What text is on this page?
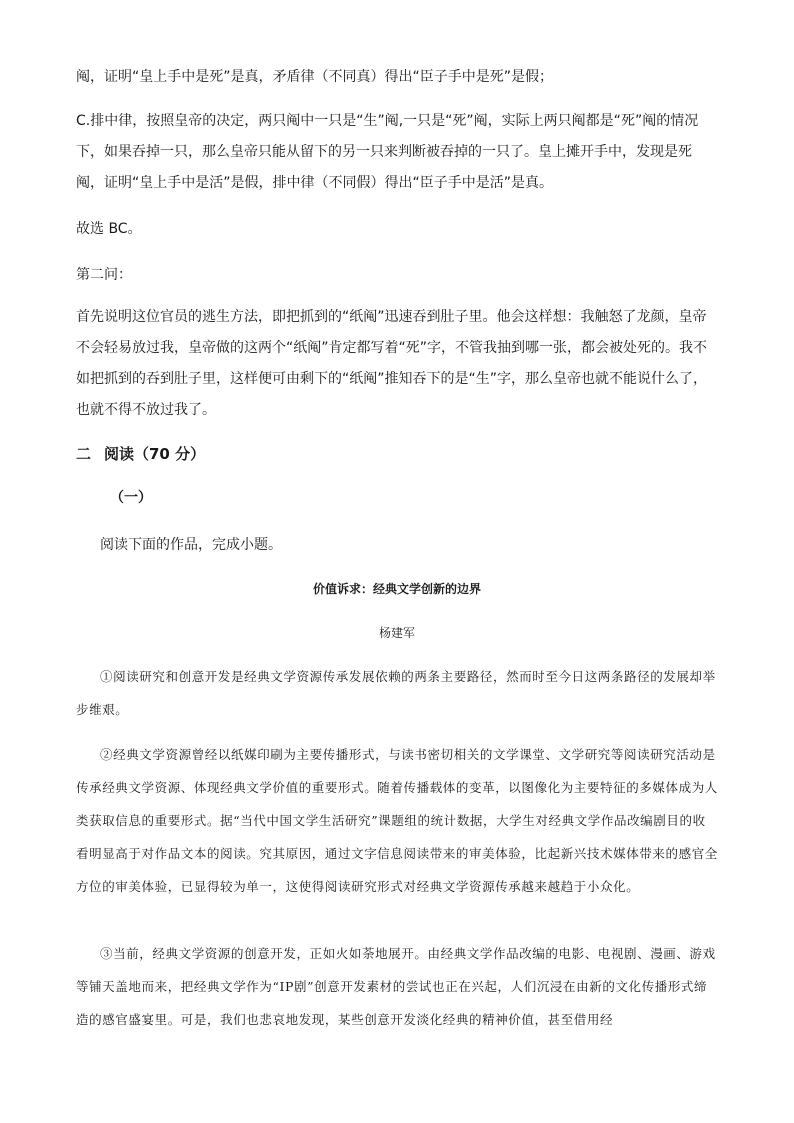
阄，证明“皇上手中是死”是真，矛盾律（不同真）得出“臣子手中是死”是假；

C.排中律，按照皇帝的决定，两只阄中一只是“生”阄,一只是“死”阄，实际上两只阄都是“死”阄的情况下，如果吞掉一只，那么皇帝只能从留下的另一只来判断被吞掉的一只了。皇上摊开手中，发现是死阄，证明“皇上手中是活”是假，排中律（不同假）得出“臣子手中是活”是真。

故选 BC。

第二问：

首先说明这位官员的逃生方法，即把抓到的“纸阄”迅速吞到肚子里。他会这样想：我触怒了龙颜，皇帝不会轻易放过我，皇帝做的这两个“纸阄”肯定都写着“死”字，不管我抽到哪一张，都会被处死的。我不如把抓到的吞到肚子里，这样便可由剩下的“纸阄”推知吞下的是“生”字，那么皇帝也就不能说什么了，也就不得不放过我了。

二 阅读（70 分）

（一）

阅读下面的作品，完成小题。

价值诉求：经典文学创新的边界

杨建军

①阅读研究和创意开发是经典文学资源传承发展依赖的两条主要路径，然而时至今日这两条路径的发展却举步维艰。

②经典文学资源曾经以纸媒印刷为主要传播形式，与读书密切相关的文学课堂、文学研究等阅读研究活动是传承经典文学资源、体现经典文学价值的重要形式。随着传播载体的变革，以图像化为主要特征的多媒体成为人类获取信息的重要形式。据“当代中国文学生活研究”课题组的统计数据，大学生对经典文学作品改编剧目的收看明显高于对作品文本的阅读。究其原因，通过文字信息阅读带来的审美体验，比起新兴技术媒体带来的感官全方位的审美体验，已显得较为单一，这使得阅读研究形式对经典文学资源传承越来越趋于小众化。

③当前，经典文学资源的创意开发，正如火如荼地展开。由经典文学作品改编的电影、电视剧、漫画、游戏等铺天盖地而来，把经典文学作为“IP剧”创意开发素材的尝试也正在兴起，人们沉浸在由新的文化传播形式缔造的感官盛宴里。可是，我们也悲哀地发现，某些创意开发淡化经典的精神价值，甚至借用经
